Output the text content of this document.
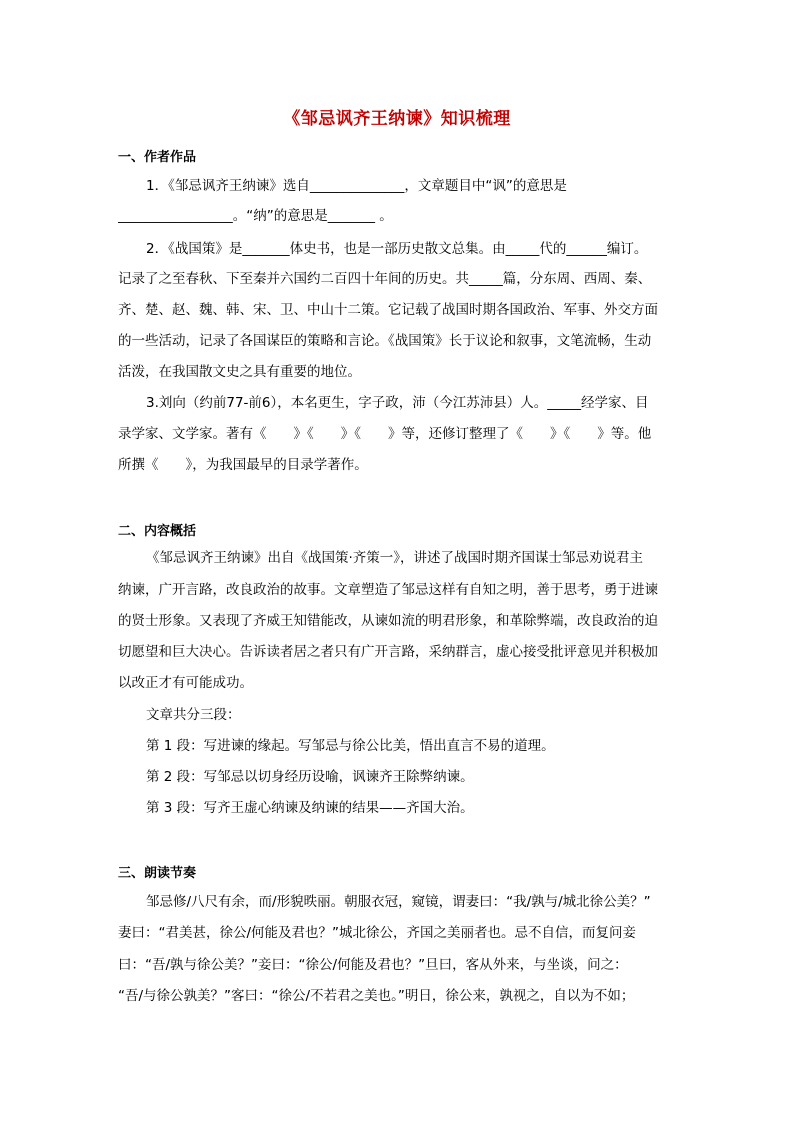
《邹忌讽齐王纳谏》知识梳理
一、作者作品
1．《邹忌讽齐王纳谏》选自______________，文章题目中“讽”的意思是
_________________。“纳”的意思是_______ 。
2．《战国策》是_______体史书，也是一部历史散文总集。由_____代的______编订。
记录了之至春秋、下至秦并六国约二百四十年间的历史。共_____篇，分东周、西周、秦、
齐、楚、赵、魏、韩、宋、卫、中山十二策。它记载了战国时期各国政治、军事、外交方面
的一些活动，记录了各国谋臣的策略和言论。《战国策》长于议论和叙事，文笔流畅，生动
活泼，在我国散文史之具有重要的地位。
3.刘向（约前77-前6），本名更生，字子政，沛（今江苏沛县）人。_____经学家、目
录学家、文学家。著有《　　》《　　》《　　》等，还修订整理了《　　》《　　》等。他
所撰《　　》，为我国最早的目录学著作。
二、内容概括
《邹忌讽齐王纳谏》出自《战国策·齐策一》，讲述了战国时期齐国谋士邹忌劝说君主
纳谏，广开言路，改良政治的故事。文章塑造了邹忌这样有自知之明，善于思考，勇于进谏
的贤士形象。又表现了齐威王知错能改，从谏如流的明君形象，和革除弊端，改良政治的迫
切愿望和巨大决心。告诉读者居之者只有广开言路，采纳群言，虚心接受批评意见并积极加
以改正才有可能成功。
文章共分三段：
第 1 段：写进谏的缘起。写邹忌与徐公比美，悟出直言不易的道理。
第 2 段：写邹忌以切身经历设喻，讽谏齐王除弊纳谏。
第 3 段：写齐王虚心纳谏及纳谏的结果——齐国大治。
三、朗读节奏
邹忌修/八尺有余，而/形貌昳丽。朝服衣冠，窥镜，谓妻曰：“我/孰与/城北徐公美？”
妻曰：“君美甚，徐公/何能及君也？”城北徐公，齐国之美丽者也。忌不自信，而复问妾
曰：“吾/孰与徐公美？”妾曰：“徐公/何能及君也？”旦曰，客从外来，与坐谈，问之：
“吾/与徐公孰美？”客曰：“徐公/不若君之美也。”明日，徐公来，孰视之，自以为不如；
